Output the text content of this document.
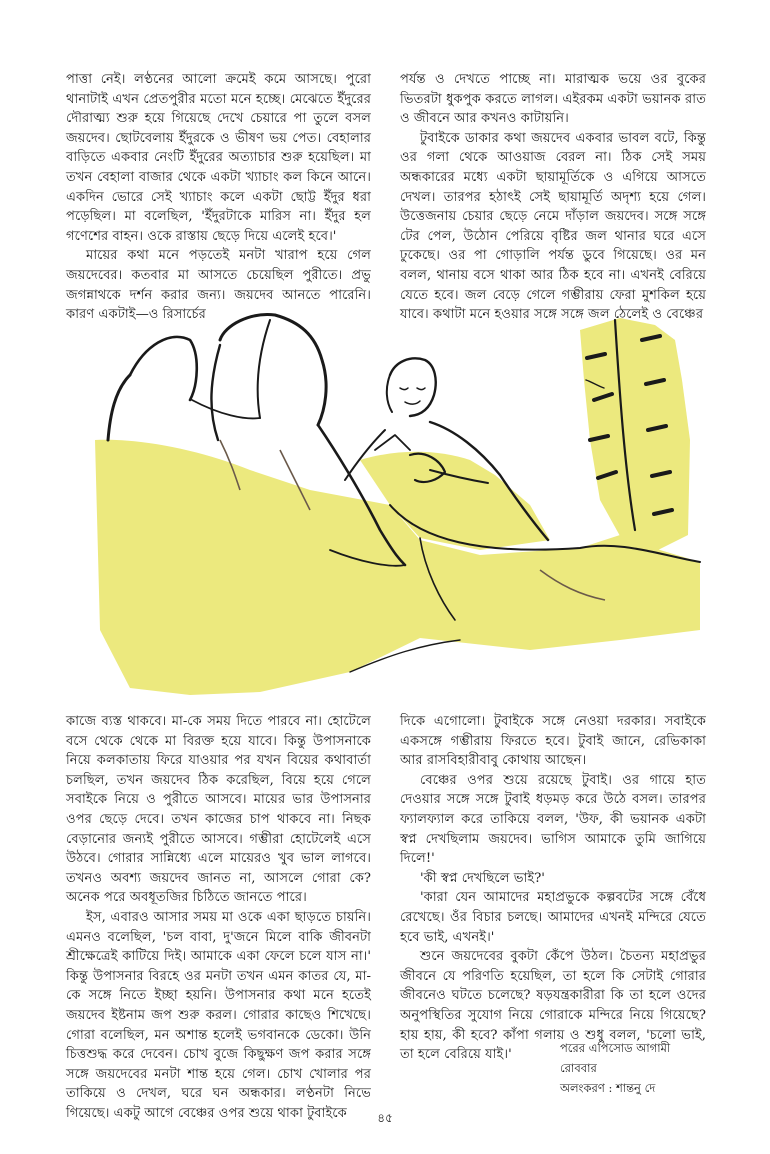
পাত্তা নেই। লণ্ঠনের আলো ক্রমেই কমে আসছে। পুরো থানাটাই এখন প্রেতপুরীর মতো মনে হচ্ছে। মেঝেতে ইঁদুরের দৌরাত্ম্য শুরু হয়ে গিয়েছে দেখে চেয়ারে পা তুলে বসল জয়দেব। ছোটবেলায় ইঁদুরকে ও ভীষণ ভয় পেত। বেহালার বাড়িতে একবার নেংটি ইঁদুরের অত্যাচার শুরু হয়েছিল। মা তখন বেহালা বাজার থেকে একটা খ্যাচাং কল কিনে আনে। একদিন ভোরে সেই খ্যাচাং কলে একটা ছোট্ট ইঁদুর ধরা পড়েছিল। মা বলেছিল, 'ইঁদুরটাকে মারিস না। ইঁদুর হল গণেশের বাহন। ওকে রাস্তায় ছেড়ে দিয়ে এলেই হবে।'

মায়ের কথা মনে পড়তেই মনটা খারাপ হয়ে গেল জয়দেবের। কতবার মা আসতে চেয়েছিল পুরীতে। প্রভু জগন্নাথকে দর্শন করার জন্য। জয়দেব আনতে পারেনি। কারণ একটাই—ও রিসার্চের

পর্যন্ত ও দেখতে পাচ্ছে না। মারাত্মক ভয়ে ওর বুকের ভিতরটা ধুকপুক করতে লাগল। এইরকম একটা ভয়ানক রাত ও জীবনে আর কখনও কাটায়নি।

টুবাইকে ডাকার কথা জয়দেব একবার ভাবল বটে, কিন্তু ওর গলা থেকে আওয়াজ বেরল না। ঠিক সেই সময় অন্ধকারের মধ্যে একটা ছায়ামূর্তিকে ও এগিয়ে আসতে দেখল। তারপর হঠাৎই সেই ছায়ামূর্তি অদৃশ্য হয়ে গেল। উত্তেজনায় চেয়ার ছেড়ে নেমে দাঁড়াল জয়দেব। সঙ্গে সঙ্গে টের পেল, উঠোন পেরিয়ে বৃষ্টির জল থানার ঘরে এসে ঢুকেছে। ওর পা গোড়ালি পর্যন্ত ডুবে গিয়েছে। ওর মন বলল, থানায় বসে থাকা আর ঠিক হবে না। এখনই বেরিয়ে যেতে হবে। জল বেড়ে গেলে গম্ভীরায় ফেরা মুশকিল হয়ে যাবে। কথাটা মনে হওয়ার সঙ্গে সঙ্গে জল ঠেলেই ও বেঞ্চের

কাজে ব্যস্ত থাকবে। মা-কে সময় দিতে পারবে না। হোটেলে বসে থেকে থেকে মা বিরক্ত হয়ে যাবে। কিন্তু উপাসনাকে নিয়ে কলকাতায় ফিরে যাওয়ার পর যখন বিয়ের কথাবার্তা চলছিল, তখন জয়দেব ঠিক করেছিল, বিয়ে হয়ে গেলে সবাইকে নিয়ে ও পুরীতে আসবে। মায়ের ভার উপাসনার ওপর ছেড়ে দেবে। তখন কাজের চাপ থাকবে না। নিছক বেড়ানোর জন্যই পুরীতে আসবে। গম্ভীরা হোটেলেই এসে উঠবে। গোরার সান্নিধ্যে এলে মায়েরও খুব ভাল লাগবে। তখনও অবশ্য জয়দেব জানত না, আসলে গোরা কে? অনেক পরে অবধূতজির চিঠিতে জানতে পারে।

ইস, এবারও আসার সময় মা ওকে একা ছাড়তে চায়নি। এমনও বলেছিল, 'চল বাবা, দু'জনে মিলে বাকি জীবনটা শ্রীক্ষেত্রেই কাটিয়ে দিই। আমাকে একা ফেলে চলে যাস না।' কিন্তু উপাসনার বিরহে ওর মনটা তখন এমন কাতর যে, মা-কে সঙ্গে নিতে ইচ্ছা হয়নি। উপাসনার কথা মনে হতেই জয়দেব ইষ্টনাম জপ শুরু করল। গোরার কাছেও শিখেছে। গোরা বলেছিল, মন অশান্ত হলেই ভগবানকে ডেকো। উনি চিত্তশুদ্ধ করে দেবেন। চোখ বুজে কিছুক্ষণ জপ করার সঙ্গে সঙ্গে জয়দেবের মনটা শান্ত হয়ে গেল। চোখ খোলার পর তাকিয়ে ও দেখল, ঘরে ঘন অন্ধকার। লণ্ঠনটা নিভে গিয়েছে। একটু আগে বেঞ্চের ওপর শুয়ে থাকা টুবাইকে

দিকে এগোলো। টুবাইকে সঙ্গে নেওয়া দরকার। সবাইকে একসঙ্গে গম্ভীরায় ফিরতে হবে। টুবাই জানে, রেভিকাকা আর রাসবিহারীবাবু কোথায় আছেন।

বেঞ্চের ওপর শুয়ে রয়েছে টুবাই। ওর গায়ে হাত দেওয়ার সঙ্গে সঙ্গে টুবাই ধড়মড় করে উঠে বসল। তারপর ফ্যালফ্যাল করে তাকিয়ে বলল, 'উফ, কী ভয়ানক একটা স্বপ্ন দেখছিলাম জয়দেব। ভাগিস আমাকে তুমি জাগিয়ে দিলে!'

'কী স্বপ্ন দেখছিলে ভাই?'

'কারা যেন আমাদের মহাপ্রভুকে কল্পবটের সঙ্গে বেঁধে রেখেছে। ওঁর বিচার চলছে। আমাদের এখনই মন্দিরে যেতে হবে ভাই, এখনই।'

শুনে জয়দেবের বুকটা কেঁপে উঠল। চৈতন্য মহাপ্রভুর জীবনে যে পরিণতি হয়েছিল, তা হলে কি সেটাই গোরার জীবনেও ঘটতে চলেছে? ষড়যন্ত্রকারীরা কি তা হলে ওদের অনুপস্থিতির সুযোগ নিয়ে গোরাকে মন্দিরে নিয়ে গিয়েছে? হায় হায়, কী হবে? কাঁপা গলায় ও শুধু বলল, 'চলো ভাই, তা হলে বেরিয়ে যাই।'	পরের এপিসোড আগামী রোববার
অলংকরণ : শান্তনু দে
৪৫
